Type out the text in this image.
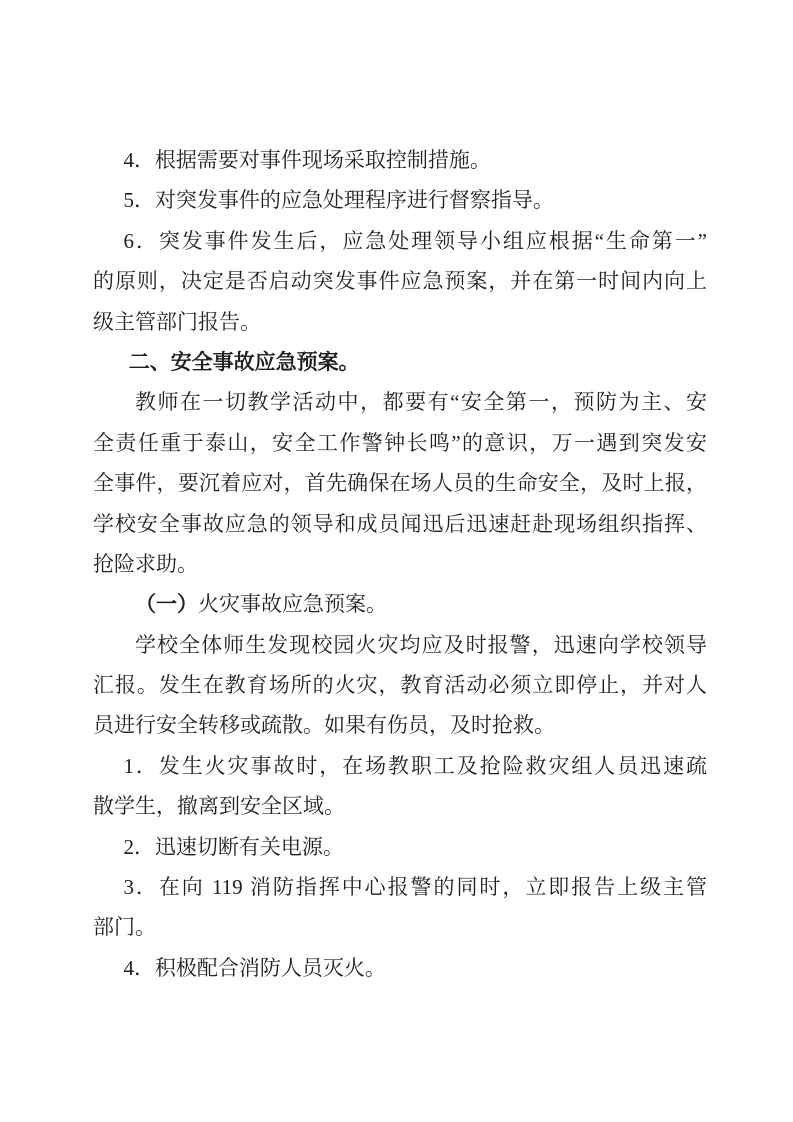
4．根据需要对事件现场采取控制措施。
5．对突发事件的应急处理程序进行督察指导。
6．突发事件发生后，应急处理领导小组应根据“生命第一”
的原则，决定是否启动突发事件应急预案，并在第一时间内向上
级主管部门报告。
二、安全事故应急预案。
教师在一切教学活动中，都要有“安全第一，预防为主、安
全责任重于泰山，安全工作警钟长鸣”的意识，万一遇到突发安
全事件，要沉着应对，首先确保在场人员的生命安全，及时上报，
学校安全事故应急的领导和成员闻迅后迅速赶赴现场组织指挥、
抢险求助。
（一）火灾事故应急预案。
学校全体师生发现校园火灾均应及时报警，迅速向学校领导
汇报。发生在教育场所的火灾，教育活动必须立即停止，并对人
员进行安全转移或疏散。如果有伤员，及时抢救。
1．发生火灾事故时，在场教职工及抢险救灾组人员迅速疏
散学生，撤离到安全区域。
2．迅速切断有关电源。
3．在向 119 消防指挥中心报警的同时，立即报告上级主管
部门。
4．积极配合消防人员灭火。
